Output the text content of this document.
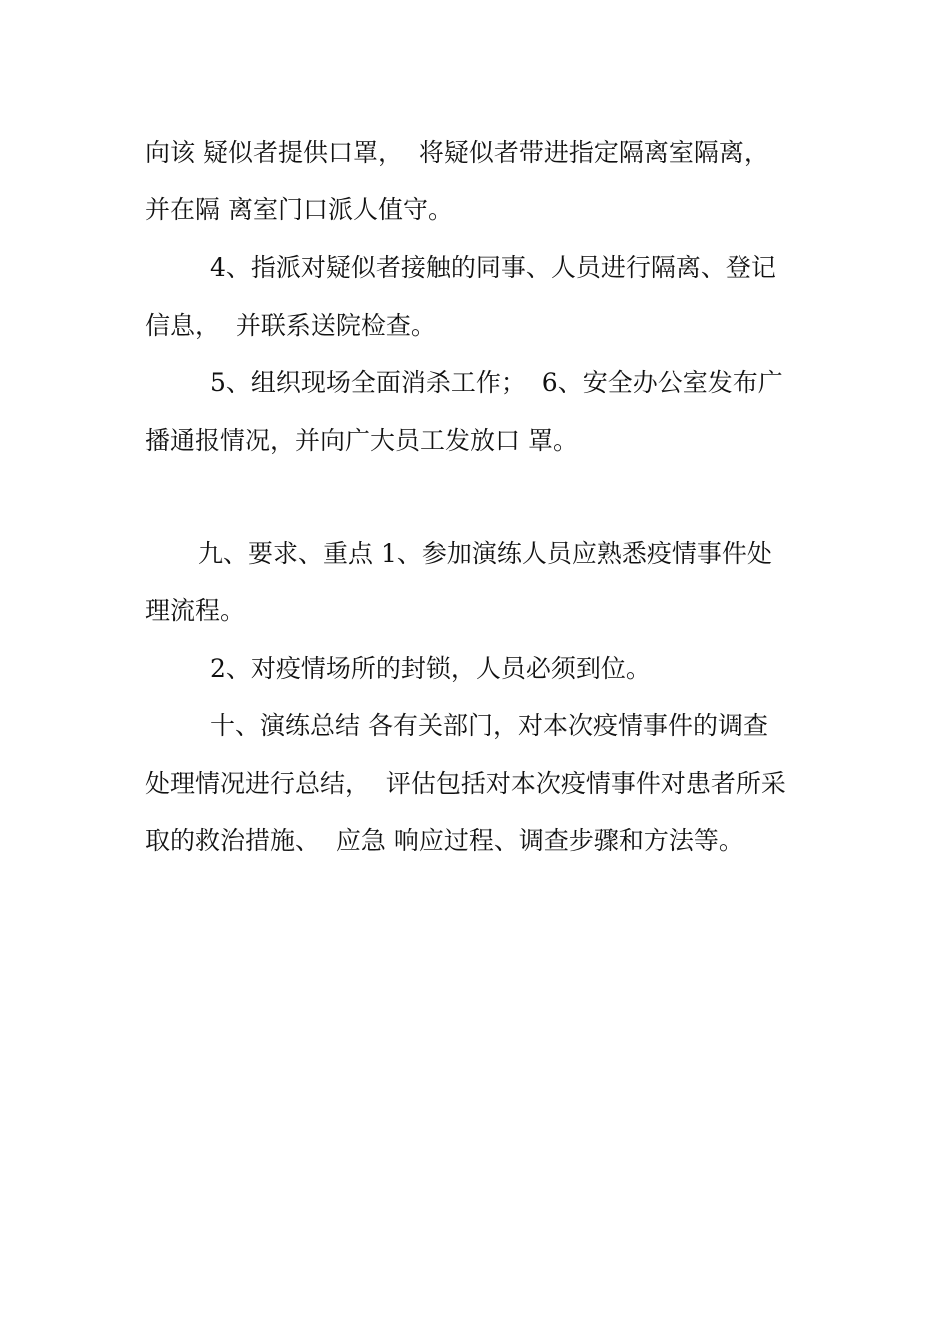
向该 疑似者提供口罩，  将疑似者带进指定隔离室隔离，
并在隔 离室门口派人值守。
4、指派对疑似者接触的同事、人员进行隔离、登记
信息，  并联系送院检查。
5、组织现场全面消杀工作；  6、安全办公室发布广
播通报情况，并向广大员工发放口 罩。
九、要求、重点 1、参加演练人员应熟悉疫情事件处
理流程。
2、对疫情场所的封锁，人员必须到位。
十、演练总结 各有关部门，对本次疫情事件的调查
处理情况进行总结，  评估包括对本次疫情事件对患者所采
取的救治措施、  应急 响应过程、调查步骤和方法等。
